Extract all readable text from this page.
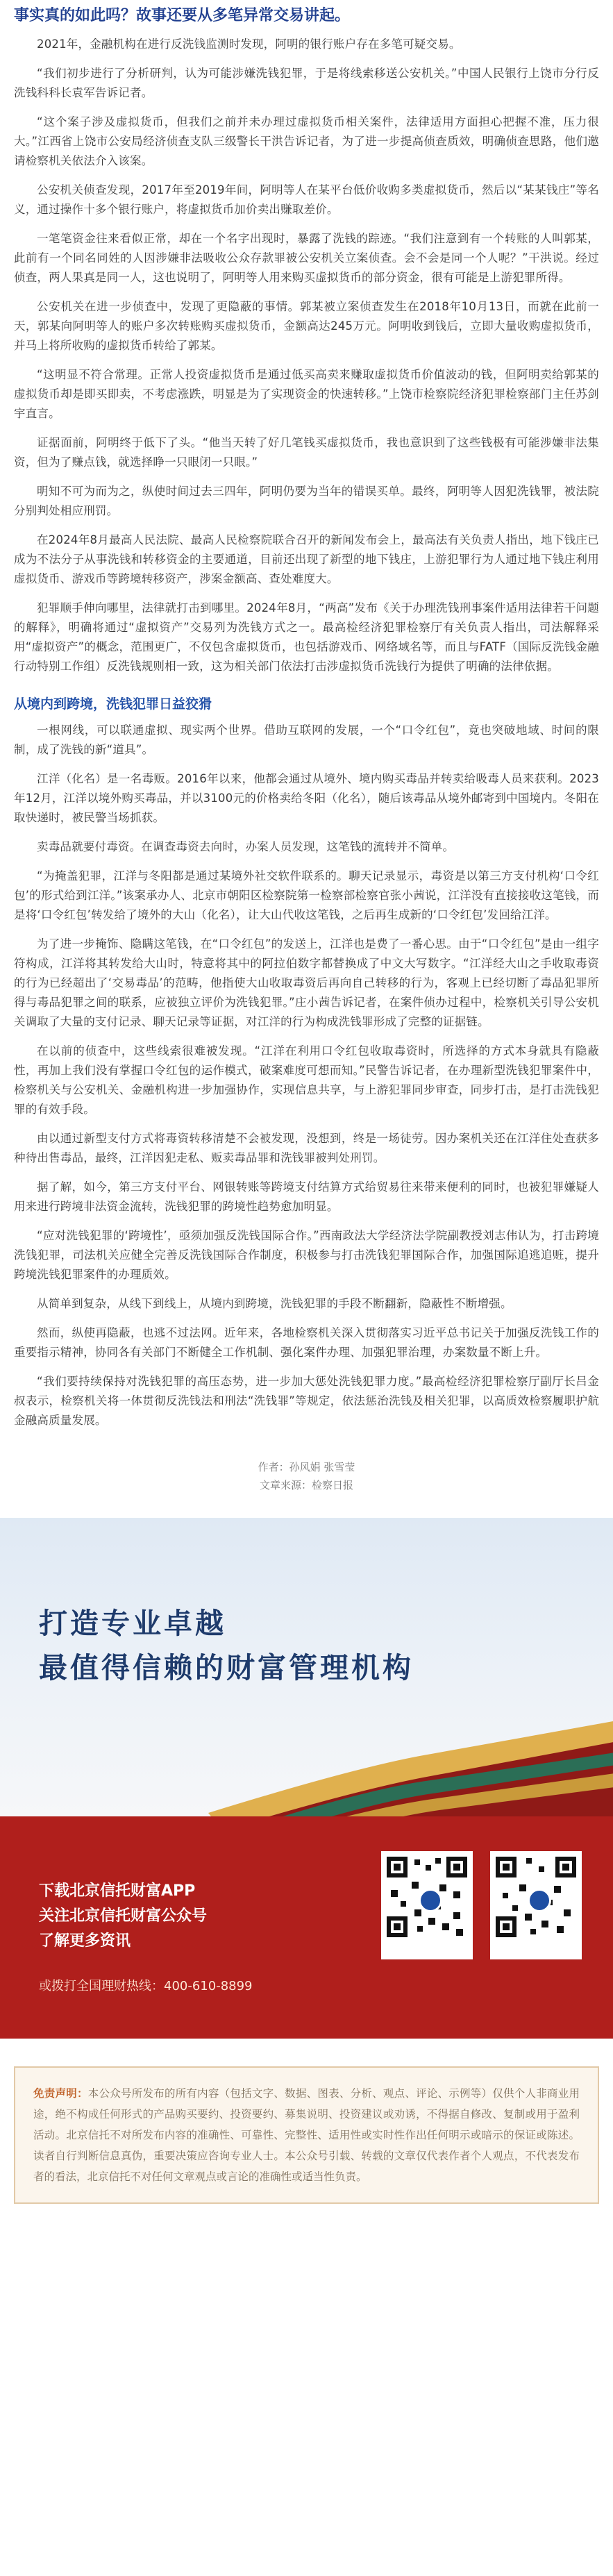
事实真的如此吗？故事还要从多笔异常交易讲起。

2021年，金融机构在进行反洗钱监测时发现，阿明的银行账户存在多笔可疑交易。

“我们初步进行了分析研判，认为可能涉嫌洗钱犯罪，于是将线索移送公安机关。”中国人民银行上饶市分行反洗钱科科长袁军告诉记者。

“这个案子涉及虚拟货币，但我们之前并未办理过虚拟货币相关案件，法律适用方面担心把握不准，压力很大。”江西省上饶市公安局经济侦查支队三级警长干洪告诉记者，为了进一步提高侦查质效，明确侦查思路，他们邀请检察机关依法介入该案。

公安机关侦查发现，2017年至2019年间，阿明等人在某平台低价收购多类虚拟货币，然后以“某某钱庄”等名义，通过操作十多个银行账户，将虚拟货币加价卖出赚取差价。

一笔笔资金往来看似正常，却在一个名字出现时，暴露了洗钱的踪迹。“我们注意到有一个转账的人叫郭某，此前有一个同名同姓的人因涉嫌非法吸收公众存款罪被公安机关立案侦查。会不会是同一个人呢？”干洪说。经过侦查，两人果真是同一人，这也说明了，阿明等人用来购买虚拟货币的部分资金，很有可能是上游犯罪所得。

公安机关在进一步侦查中，发现了更隐蔽的事情。郭某被立案侦查发生在2018年10月13日，而就在此前一天，郭某向阿明等人的账户多次转账购买虚拟货币，金额高达245万元。阿明收到钱后，立即大量收购虚拟货币，并马上将所收购的虚拟货币转给了郭某。

“这明显不符合常理。正常人投资虚拟货币是通过低买高卖来赚取虚拟货币价值波动的钱，但阿明卖给郭某的虚拟货币却是即买即卖，不考虑涨跌，明显是为了实现资金的快速转移。”上饶市检察院经济犯罪检察部门主任苏剑宇直言。

证据面前，阿明终于低下了头。“他当天转了好几笔钱买虚拟货币，我也意识到了这些钱极有可能涉嫌非法集资，但为了赚点钱，就选择睁一只眼闭一只眼。”

明知不可为而为之，纵使时间过去三四年，阿明仍要为当年的错误买单。最终，阿明等人因犯洗钱罪，被法院分别判处相应刑罚。

在2024年8月最高人民法院、最高人民检察院联合召开的新闻发布会上，最高法有关负责人指出，地下钱庄已成为不法分子从事洗钱和转移资金的主要通道，目前还出现了新型的地下钱庄，上游犯罪行为人通过地下钱庄利用虚拟货币、游戏币等跨境转移资产，涉案金额高、查处难度大。

犯罪顺手伸向哪里，法律就打击到哪里。2024年8月，“两高”发布《关于办理洗钱刑事案件适用法律若干问题的解释》，明确将通过“虚拟资产”交易列为洗钱方式之一。最高检经济犯罪检察厅有关负责人指出，司法解释采用“虚拟资产”的概念，范围更广，不仅包含虚拟货币，也包括游戏币、网络域名等，而且与FATF（国际反洗钱金融行动特别工作组）反洗钱规则相一致，这为相关部门依法打击涉虚拟货币洗钱行为提供了明确的法律依据。

从境内到跨境，洗钱犯罪日益狡猾

一根网线，可以联通虚拟、现实两个世界。借助互联网的发展，一个“口令红包”，竟也突破地域、时间的限制，成了洗钱的新“道具”。

江洋（化名）是一名毒贩。2016年以来，他都会通过从境外、境内购买毒品并转卖给吸毒人员来获利。2023年12月，江洋以境外购买毒品，并以3100元的价格卖给冬阳（化名），随后该毒品从境外邮寄到中国境内。冬阳在取快递时，被民警当场抓获。

卖毒品就要付毒资。在调查毒资去向时，办案人员发现，这笔钱的流转并不简单。

“为掩盖犯罪，江洋与冬阳都是通过某境外社交软件联系的。聊天记录显示，毒资是以第三方支付机构‘口令红包’的形式给到江洋。”该案承办人、北京市朝阳区检察院第一检察部检察官张小茜说，江洋没有直接接收这笔钱，而是将‘口令红包’转发给了境外的大山（化名），让大山代收这笔钱，之后再生成新的‘口令红包’发回给江洋。

为了进一步掩饰、隐瞒这笔钱，在“口令红包”的发送上，江洋也是费了一番心思。由于“口令红包”是由一组字符构成，江洋将其转发给大山时，特意将其中的阿拉伯数字都替换成了中文大写数字。“江洋经大山之手收取毒资的行为已经超出了‘交易毒品’的范畴，他指使大山收取毒资后再向自己转移的行为，客观上已经切断了毒品犯罪所得与毒品犯罪之间的联系，应被独立评价为洗钱犯罪。”庄小茜告诉记者，在案件侦办过程中，检察机关引导公安机关调取了大量的支付记录、聊天记录等证据，对江洋的行为构成洗钱罪形成了完整的证据链。

在以前的侦查中，这些线索很难被发现。“江洋在利用口令红包收取毒资时，所选择的方式本身就具有隐蔽性，再加上我们没有掌握口令红包的运作模式，破案难度可想而知。”民警告诉记者，在办理新型洗钱犯罪案件中，检察机关与公安机关、金融机构进一步加强协作，实现信息共享，与上游犯罪同步审查，同步打击，是打击洗钱犯罪的有效手段。

由以通过新型支付方式将毒资转移清楚不会被发现，没想到，终是一场徒劳。因办案机关还在江洋住处查获多种待出售毒品，最终，江洋因犯走私、贩卖毒品罪和洗钱罪被判处刑罚。

据了解，如今，第三方支付平台、网银转账等跨境支付结算方式给贸易往来带来便利的同时，也被犯罪嫌疑人用来进行跨境非法资金流转，洗钱犯罪的跨境性趋势愈加明显。

“应对洗钱犯罪的‘跨境性’，亟须加强反洗钱国际合作。”西南政法大学经济法学院副教授刘志伟认为，打击跨境洗钱犯罪，司法机关应健全完善反洗钱国际合作制度，积极参与打击洗钱犯罪国际合作，加强国际追逃追赃，提升跨境洗钱犯罪案件的办理质效。

从简单到复杂，从线下到线上，从境内到跨境，洗钱犯罪的手段不断翻新，隐蔽性不断增强。

然而，纵使再隐蔽，也逃不过法网。近年来，各地检察机关深入贯彻落实习近平总书记关于加强反洗钱工作的重要指示精神，协同各有关部门不断健全工作机制、强化案件办理、加强犯罪治理，办案数量不断上升。

“我们要持续保持对洗钱犯罪的高压态势，进一步加大惩处洗钱犯罪力度。”最高检经济犯罪检察厅副厅长吕金叔表示，检察机关将一体贯彻反洗钱法和刑法“洗钱罪”等规定，依法惩治洗钱及相关犯罪，以高质效检察履职护航金融高质量发展。

作者：孙风娟 张雪莹
文章来源：检察日报
打造专业卓越
最值得信赖的财富管理机构
下载北京信托财富APP
关注北京信托财富公众号
了解更多资讯
或拨打全国理财热线：400-610-8899
免责声明：本公众号所发布的所有内容（包括文字、数据、图表、分析、观点、评论、示例等）仅供个人非商业用途，绝不构成任何形式的产品购买要约、投资要约、募集说明、投资建议或劝诱，不得据自修改、复制或用于盈利活动。北京信托不对所发布内容的准确性、可靠性、完整性、适用性或实时性作出任何明示或暗示的保证或陈述。读者自行判断信息真伪，重要决策应咨询专业人士。本公众号引载、转载的文章仅代表作者个人观点，不代表发布者的看法，北京信托不对任何文章观点或言论的准确性或适当性负责。
